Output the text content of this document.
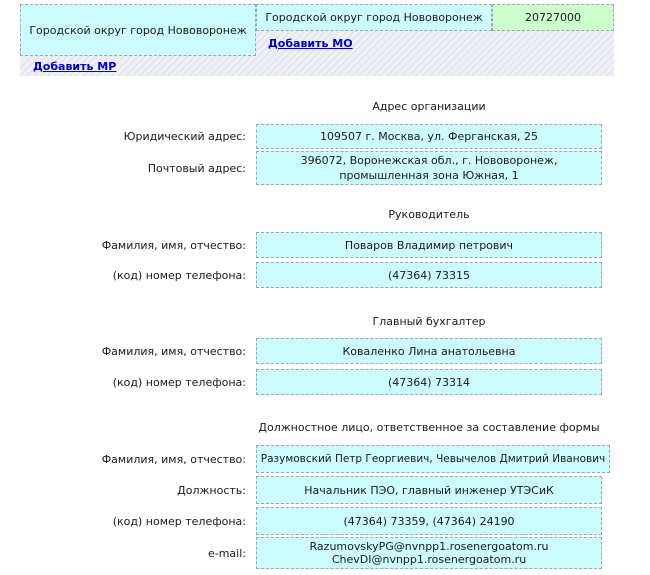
Городской округ город Нововоронеж
Городской округ город Нововоронеж	20727000
Добавить МО
Добавить МР
Адрес организации
Юридический адрес:	109507 г. Москва, ул. Ферганская, 25
Почтовый адрес:
396072, Воронежская обл., г. Нововоронеж, промышленная зона Южная, 1
Руководитель
Фамилия, имя, отчество:	Поваров Владимир петрович
(код) номер телефона:	(47364) 73315
Главный бухгалтер
Фамилия, имя, отчество:	Коваленко Лина анатольевна
(код) номер телефона:	(47364) 73314
Должностное лицо, ответственное за составление формы
Фамилия, имя, отчество: Разумовский Петр Георгиевич, Чевычелов Дмитрий Иванович
Должность:	Начальник ПЭО, главный инженер УТЭСиК
(код) номер телефона:	(47364) 73359, (47364) 24190
e-mail:	RazumovskyPG@nvnpp1.rosenergoatom.ru
ChevDI@nvnpp1.rosenergoatom.ru
